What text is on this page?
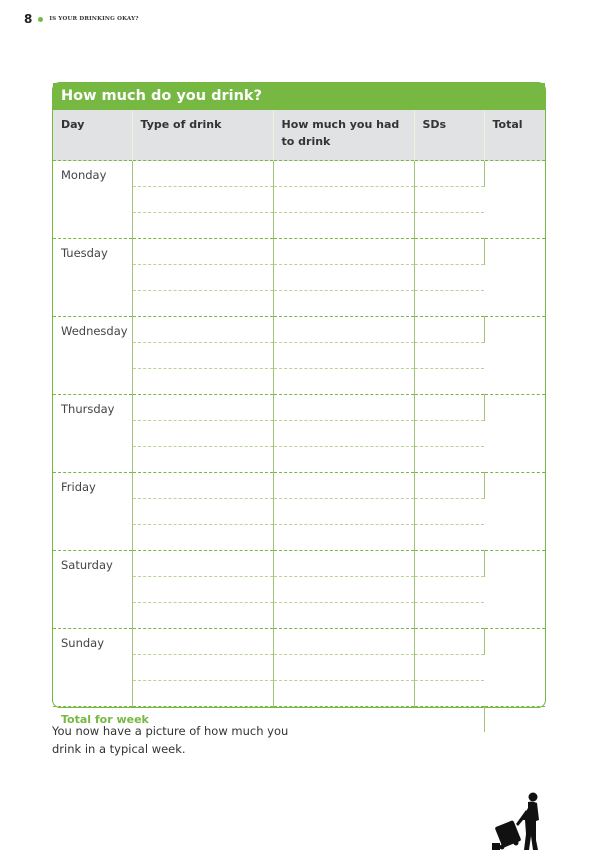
8	IS YOUR DRINKING OKAY?
How much do you drink?
Day	Type of drink	How much you had to drink	SDs	Total
Monday				

Tuesday				

Wednesday				

Thursday				

Friday				

Saturday				

Sunday				

Total for week				
You now have a picture of how much you drink in a typical week.
